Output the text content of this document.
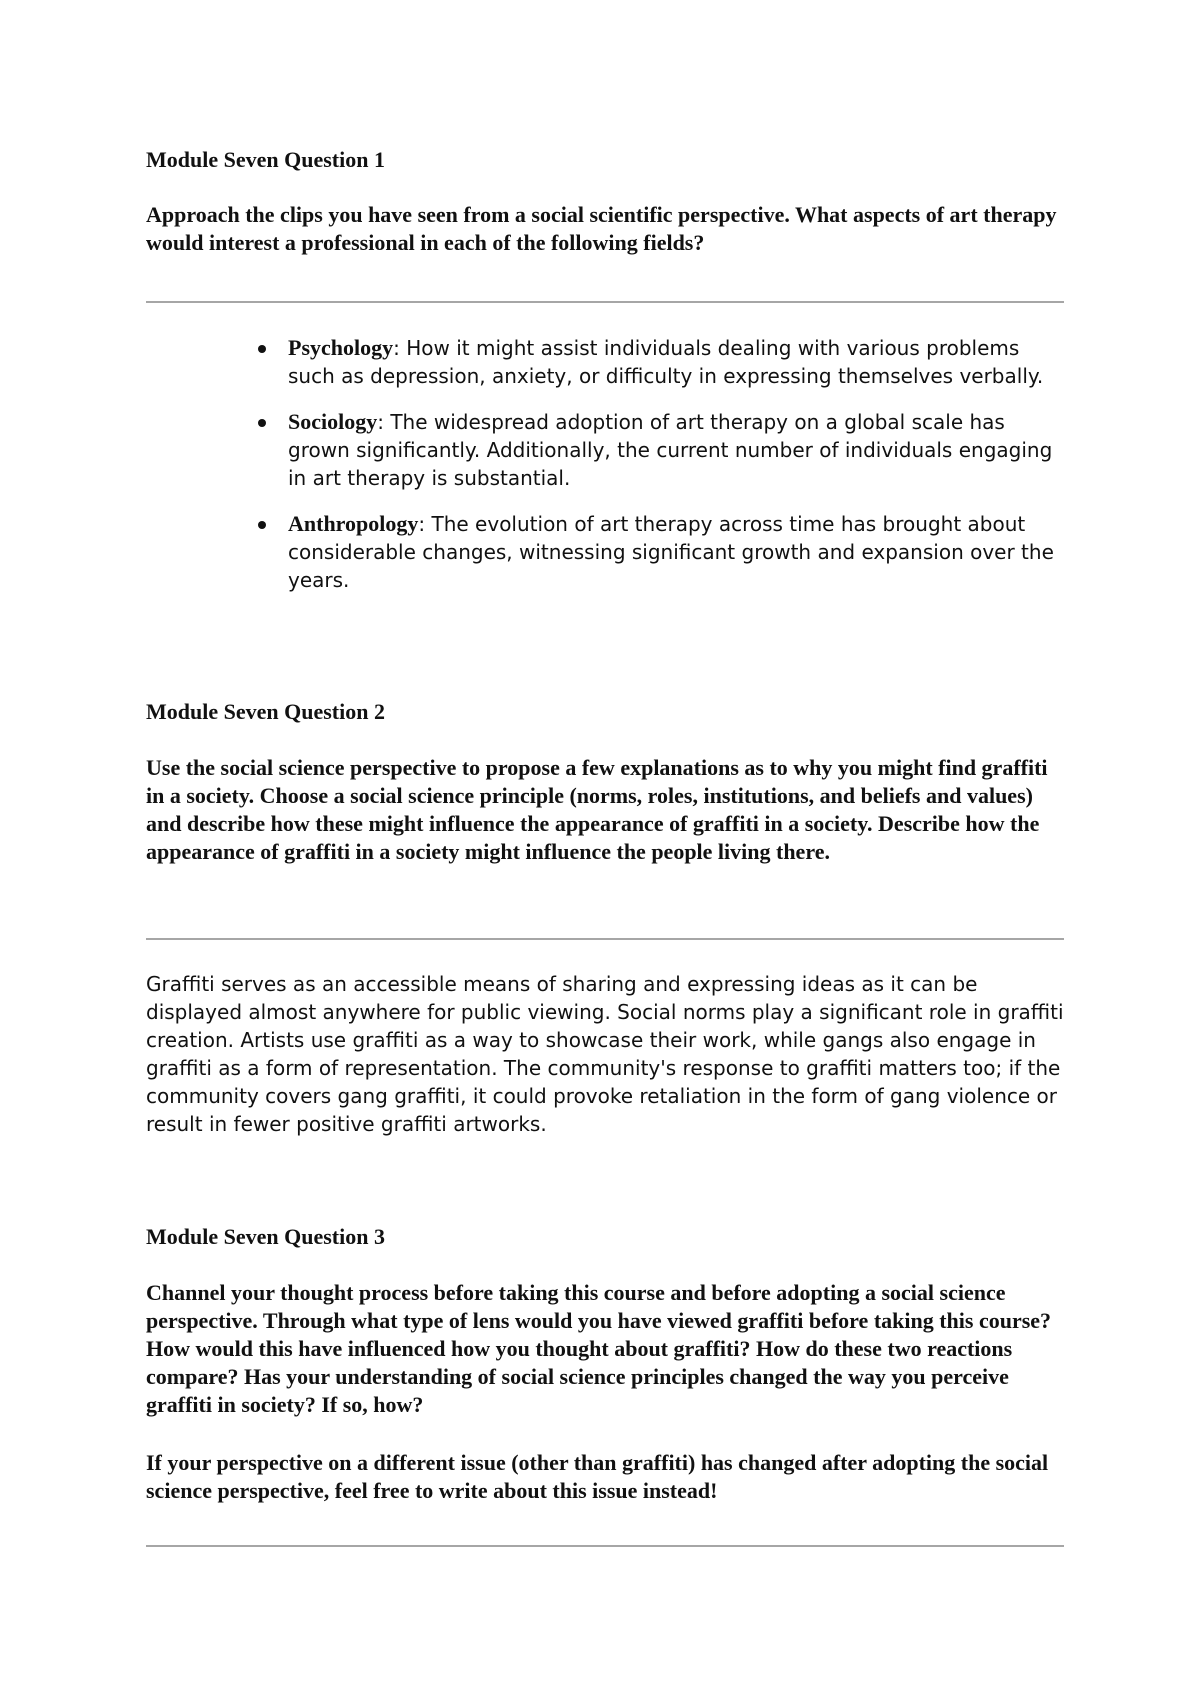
Module Seven Question 1

Approach the clips you have seen from a social scientific perspective. What aspects of art therapy would interest a professional in each of the following fields?

Psychology: How it might assist individuals dealing with various problems such as depression, anxiety, or difficulty in expressing themselves verbally.
Sociology: The widespread adoption of art therapy on a global scale has grown significantly. Additionally, the current number of individuals engaging in art therapy is substantial.
Anthropology: The evolution of art therapy across time has brought about considerable changes, witnessing significant growth and expansion over the years.
Module Seven Question 2

Use the social science perspective to propose a few explanations as to why you might find graffiti in a society. Choose a social science principle (norms, roles, institutions, and beliefs and values) and describe how these might influence the appearance of graffiti in a society. Describe how the appearance of graffiti in a society might influence the people living there.

Graffiti serves as an accessible means of sharing and expressing ideas as it can be displayed almost anywhere for public viewing. Social norms play a significant role in graffiti creation. Artists use graffiti as a way to showcase their work, while gangs also engage in graffiti as a form of representation. The community's response to graffiti matters too; if the community covers gang graffiti, it could provoke retaliation in the form of gang violence or result in fewer positive graffiti artworks.

Module Seven Question 3

Channel your thought process before taking this course and before adopting a social science perspective. Through what type of lens would you have viewed graffiti before taking this course? How would this have influenced how you thought about graffiti? How do these two reactions compare? Has your understanding of social science principles changed the way you perceive graffiti in society? If so, how?

If your perspective on a different issue (other than graffiti) has changed after adopting the social science perspective, feel free to write about this issue instead!
